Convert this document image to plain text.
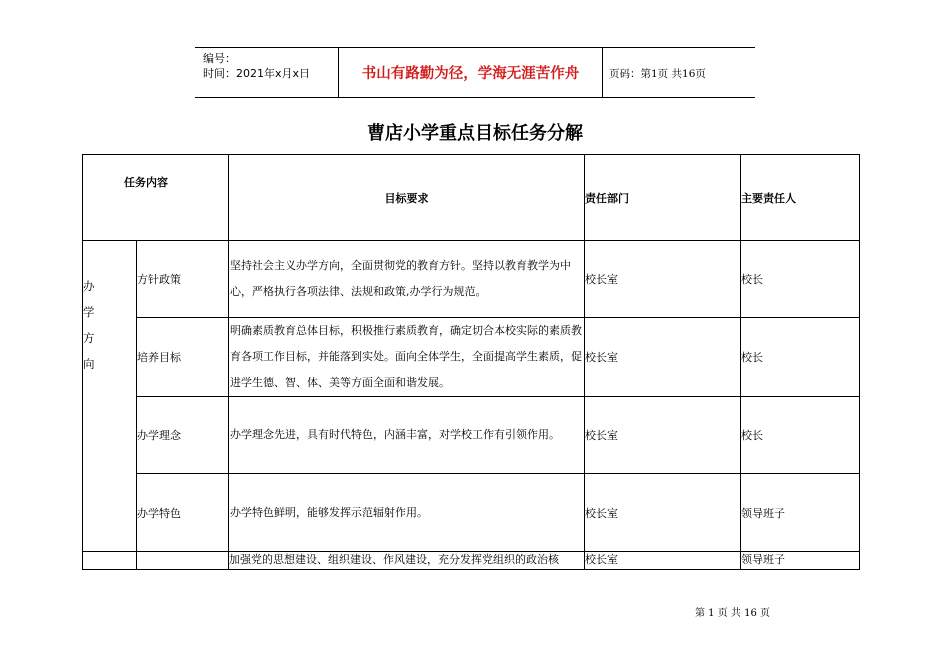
编号：
时间：2021年x月x日	书山有路勤为径，学海无涯苦作舟	页码：第1页 共16页
曹店小学重点目标任务分解
任务内容		目标要求	责任部门	主要责任人
办
学
方
向	方针政策	坚持社会主义办学方向，全面贯彻党的教育方针。坚持以教育教学为中心，严格执行各项法律、法规和政策,办学行为规范。	校长室	校长
	培养目标	明确素质教育总体目标，积极推行素质教育，确定切合本校实际的素质教育各项工作目标，并能落到实处。面向全体学生，全面提高学生素质，促进学生德、智、体、美等方面全面和谐发展。	校长室	校长
	办学理念	办学理念先进，具有时代特色，内涵丰富，对学校工作有引领作用。	校长室	校长
	办学特色	办学特色鲜明，能够发挥示范辐射作用。	校长室	领导班子
		加强党的思想建设、组织建设、作风建设，充分发挥党组织的政治核	校长室	领导班子
第 1 页 共 16 页
